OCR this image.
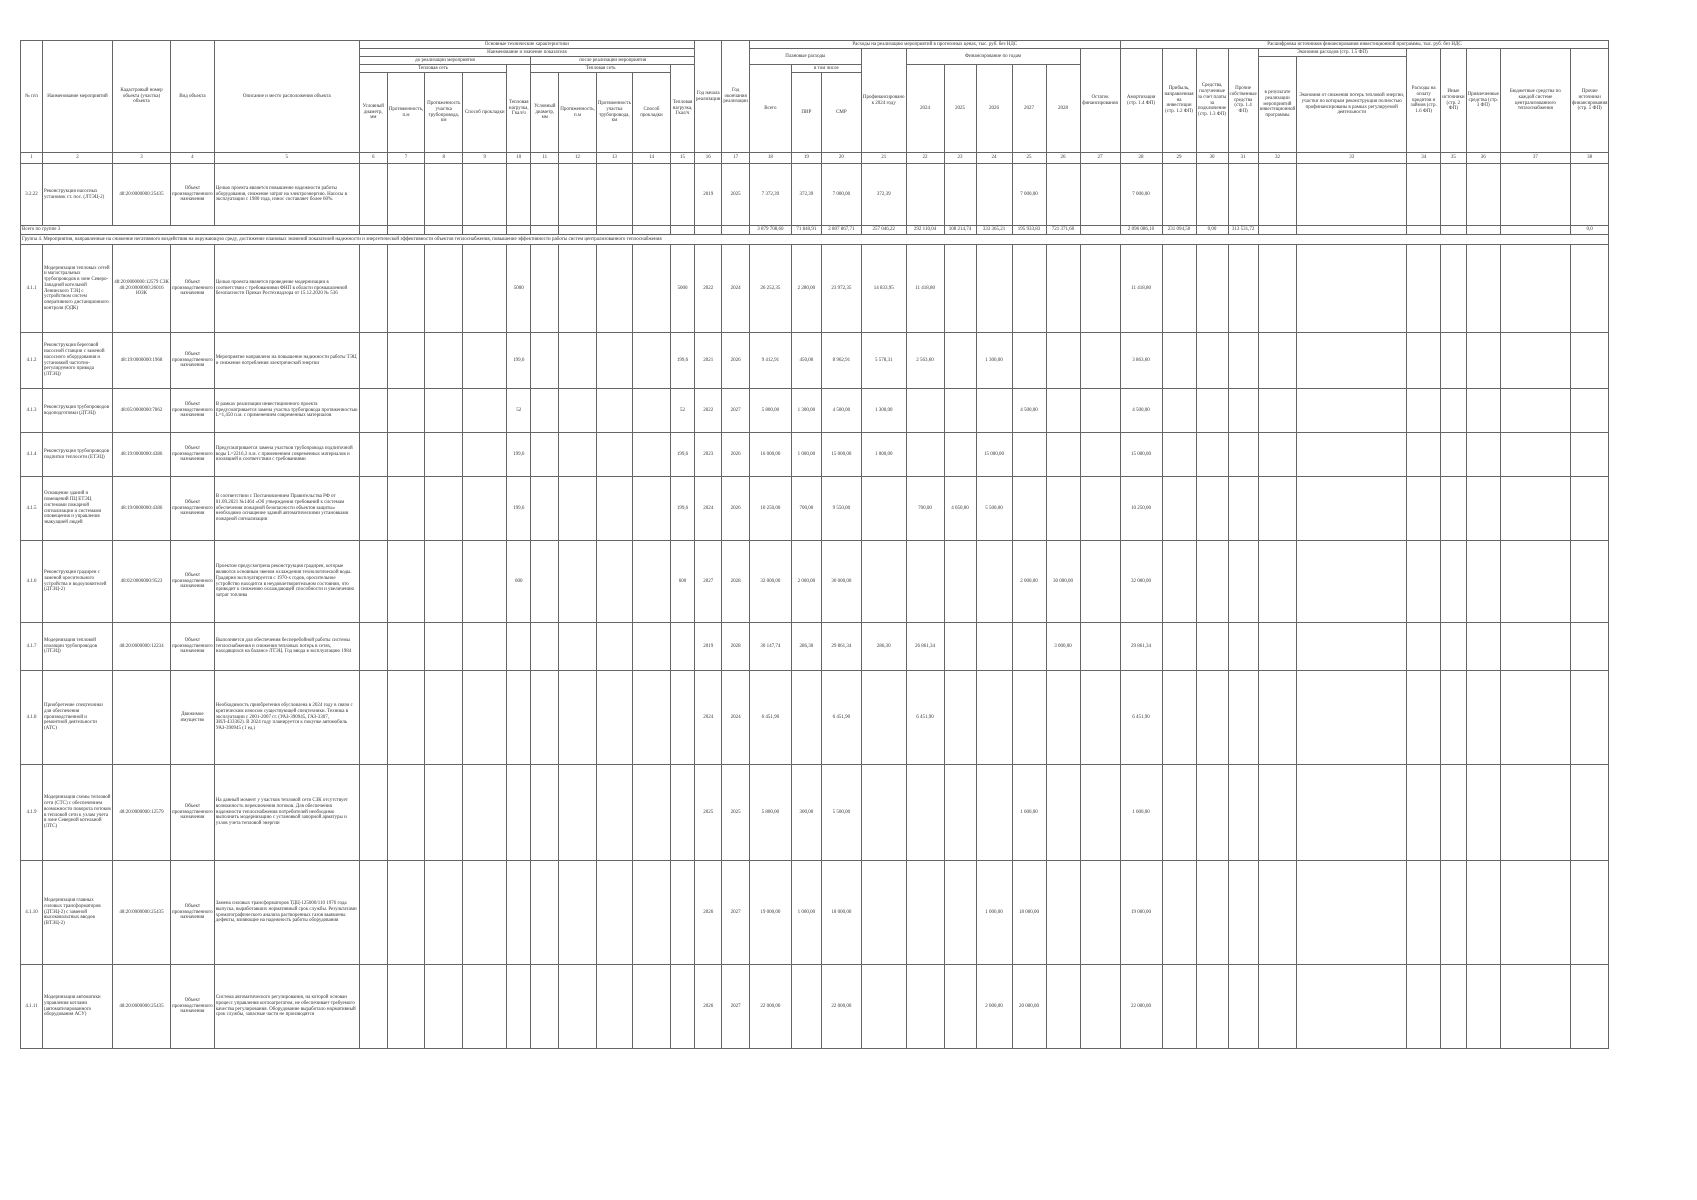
№ п/п	Наименование мероприятий	Кадастровый номер объекта (участка) объекта	Вид объекта	Описание и место расположения объекта	Основные технические характеристики										Год начала реализации	Год окончания реализации	Расходы на реализацию мероприятий в прогнозных ценах, тыс. руб. без НДС										Расшифровка источников финансирования инвестиционной программы, тыс. руб. без НДС										
					Наименование и значение показателя												Плановые расходы			Профинансировано к 2024 году	Финансирование по годам					Остаток финансирования	Амортизация (стр. 1.4 ФП)	Прибыль, направленная на инвестиции (стр. 1.2 ФП)	Средства, полученные за счет платы за подключение (стр. 1.3 ФП)	Прочие собственные средства (стр. 1.4 ФП)	Экономия расходов (стр. 1.5 ФП)		Расходы на оплату кредитов и займов (стр. 1.6 ФП)	Иные источники (стр. 2 ФП)	Привлеченные средства (стр. 3 ФП)	Бюджетные средства по каждой системе централизованного теплоснабжения	Прочие источники финансирования (стр. 5 ФП)
					до реализации мероприятия					после реализации мероприятия																					в результате реализации мероприятий инвестиционной программы	Экономия от снижения потерь тепловой энергии, участки по которым реконструкция полностью профинансированы в рамках регулируемой деятельности					
					Тепловая сеть				Тепловая нагрузка, Гкал/ч	Тепловая сеть				Тепловая нагрузка, Гкал/ч			Всего	в том числе			2024	2025	2026	2027	2028												
					Условный диаметр, мм	Протяженность, п.м	Протяженность участка трубопровода, км	Способ прокладки		Условный диаметр, мм	Протяженность, п.м	Протяженность участка трубопровода, км	Способ прокладки					ПИР	СМР																		

1	2	3	4	5	6	7	8	9	10	11	12	13	14	15	16	17	18	19	20	21	22	23	24	25	26	27	28	29	30	31	32	33	34	35	36	37	38
3.2.22	Реконструкция насосных установок ст. пос. (ЛТЭЦ-2)	48:20:0000000:25435	Объект производственного назначения	Целью проекта является повышение надежности работы оборудования, снижение затрат на электроэнергию. Насосы в эксплуатации с 1980 года, износ составляет более 60%.											2019	2025	7 372,39	372,39	7 000,00	372,39				7 000,00			7 000,00										
Всего по группе 3																	3 879 708,60	71 840,91	2 807 867,71	257 046,22	292 110,04	108 214,74	333 365,21	195 933,83	721 371,60		2 096 086,16	231 094,50	0,00	313 531,72							0,0
Группа 4. Мероприятия, направленные на снижение негативного воздействия на окружающую среду, достижение плановых значений показателей надежности и энергетической эффективности объектов теплоснабжения, повышение эффективности работы систем централизованного теплоснабжения																																					
4.1.1	Модернизация тепловых сетей и магистральных трубопроводов в зоне Северо-Западной котельной Ленинского ТЭЦ с устройством систем оперативного дистанционного контроля (ОДК)	48:20:0000000:12579 СЗК 48:20:0000000:26016 ЮЗК	Объект производственного назначения	Целью проекта является проведение модернизации в соответствии с требованиями ФНП в области промышленной безопасности Приказ Ростехнадзора от 15.12.2020 № 536					5000					5000	2022	2024	26 252,35	2 280,00	23 972,35	14 833,95	11 418,80						11 418,80										
4.1.2	Реконструкция береговой насосной станции с заменой насосного оборудования и установкой частотно-регулируемого привода (ЛТЭЦ)	48:19:0000000:1968	Объект производственного назначения	Мероприятие направлено на повышение надежности работы ТЭЦ и снижение потребления электрической энергии					199,6					199,6	2021	2026	9 412,91	450,00	8 962,91	5 578,31	2 563,60		1 300,00				3 863,60										
4.1.3	Реконструкция трубопроводов водоподготовки (ДТЭЦ)	48:05:0000000:7862	Объект производственного назначения	В рамках реализации инвестиционного проекта предусматривается замена участка трубопровода протяженностью L=1,450 п.м. с применением современных материалов					52					52	2022	2027	5 800,00	1 300,00	4 500,00	1 300,00				4 500,00			4 500,00										
4.1.4	Реконструкция трубопроводов подпитки теплосети (ЕТЭЦ)	48:19:0000000:4386	Объект производственного назначения	Предусматривается замена участков трубопровода подпиточной воды L=2216,3 п.м. с применением современных материалов и изоляцией в соответствии с требованиями					199,6					199,6	2023	2026	16 000,00	1 000,00	15 000,00	1 000,00			15 000,00				15 000,00										
4.1.5	Оснащение зданий и помещений ПЦ ЕТЭЦ системами пожарной сигнализации и системами оповещения и управления эвакуацией людей	48:19:0000000:4386	Объект производственного назначения	В соответствии с Постановлением Правительства РФ от 01.09.2021 №1464 «Об утверждении требований к системам обеспечения пожарной безопасности объектов защиты» необходимо оснащение зданий автоматическими установками пожарной сигнализации					199,6					199,6	2024	2026	10 250,00	700,00	9 550,00		700,00	4 050,00	5 500,00				10 250,00										
4.1.6	Реконструкция градирен с заменой оросительного устройства и водоуловителей (ДТЭЦ-2)	48:02:0000000:9523	Объект производственного назначения	Проектом предусмотрена реконструкция градирен, которые являются основным звеном охлаждения технологической воды. Градирня эксплуатируется с 1970-х годов, оросительное устройство находится в неудовлетворительном состоянии, что приводит к снижению охлаждающей способности и увеличению затрат топлива					600					600	2027	2028	32 000,00	2 000,00	30 000,00					2 000,00	30 000,00		32 000,00										
4.1.7	Модернизация тепловой изоляции трубопроводов (ЛТЭЦ)	48:20:0000000:12234	Объект производственного назначения	Выполняется для обеспечения бесперебойной работы системы теплоснабжения и снижения тепловых потерь в сетях, находящихся на балансе ЛТЭЦ. Год ввода в эксплуатацию 1984											2019	2028	30 147,74	286,30	29 861,34	286,30	26 861,34				3 000,00		29 861,34										
4.1.8	Приобретение спецтехники для обеспечения производственной и ремонтной деятельности (АТС)		Движимое имущество	Необходимость приобретения обусловлена в 2024 году в связи с критическим износом существующей спецтехники. Техника в эксплуатации с 2001-2007 гг. (УАЗ-390945, ГАЗ-3307, ЗИЛ-433362). В 2024 году планируется к покупке автомобиль УАЗ-390945 (1 ед.)											2024	2024	6 451,90		6 451,90		6 451,90						6 451,90										
4.1.9	Модернизация схемы тепловой сети (СТС) с обеспечением возможности поворота потоков в тепловой сети к узлам учета в зоне Северной котельной (ЛТС)	48:20:0000000:12579	Объект производственного назначения	На данный момент у участков тепловой сети СЗК отсутствует возможность переключения потоков. Для обеспечения надежности теплоснабжения потребителей необходимо выполнить модернизацию с установкой запорной арматуры и узлов учета тепловой энергии											2025	2025	5 800,00	300,00	5 500,00					1 600,00			1 600,00										
4.1.10	Модернизация главных силовых трансформаторов (ДТЭЦ-2) с заменой высоковольтных вводов (ВТЭЦ-2)	48:20:0000000:25435	Объект производственного назначения	Замена силовых трансформаторов ТДЦ-125000/110 1976 года выпуска, выработавших нормативный срок службы. Результатами хроматографического анализа растворенных газов выявлены дефекты, влияющие на надежность работы оборудования											2026	2027	19 000,00	1 000,00	18 000,00				1 000,00	18 000,00			19 000,00										
4.1.11	Модернизация автоматики управления котлами (автоматизированного оборудования АСУ)	48:20:0000000:25435	Объект производственного назначения	Система автоматического регулирования, на которой основан процесс управления котлоагрегатом, не обеспечивает требуемого качества регулирования. Оборудование выработало нормативный срок службы, запасные части не производятся											2026	2027	22 000,00		22 000,00				2 000,00	20 000,00			22 000,00										
